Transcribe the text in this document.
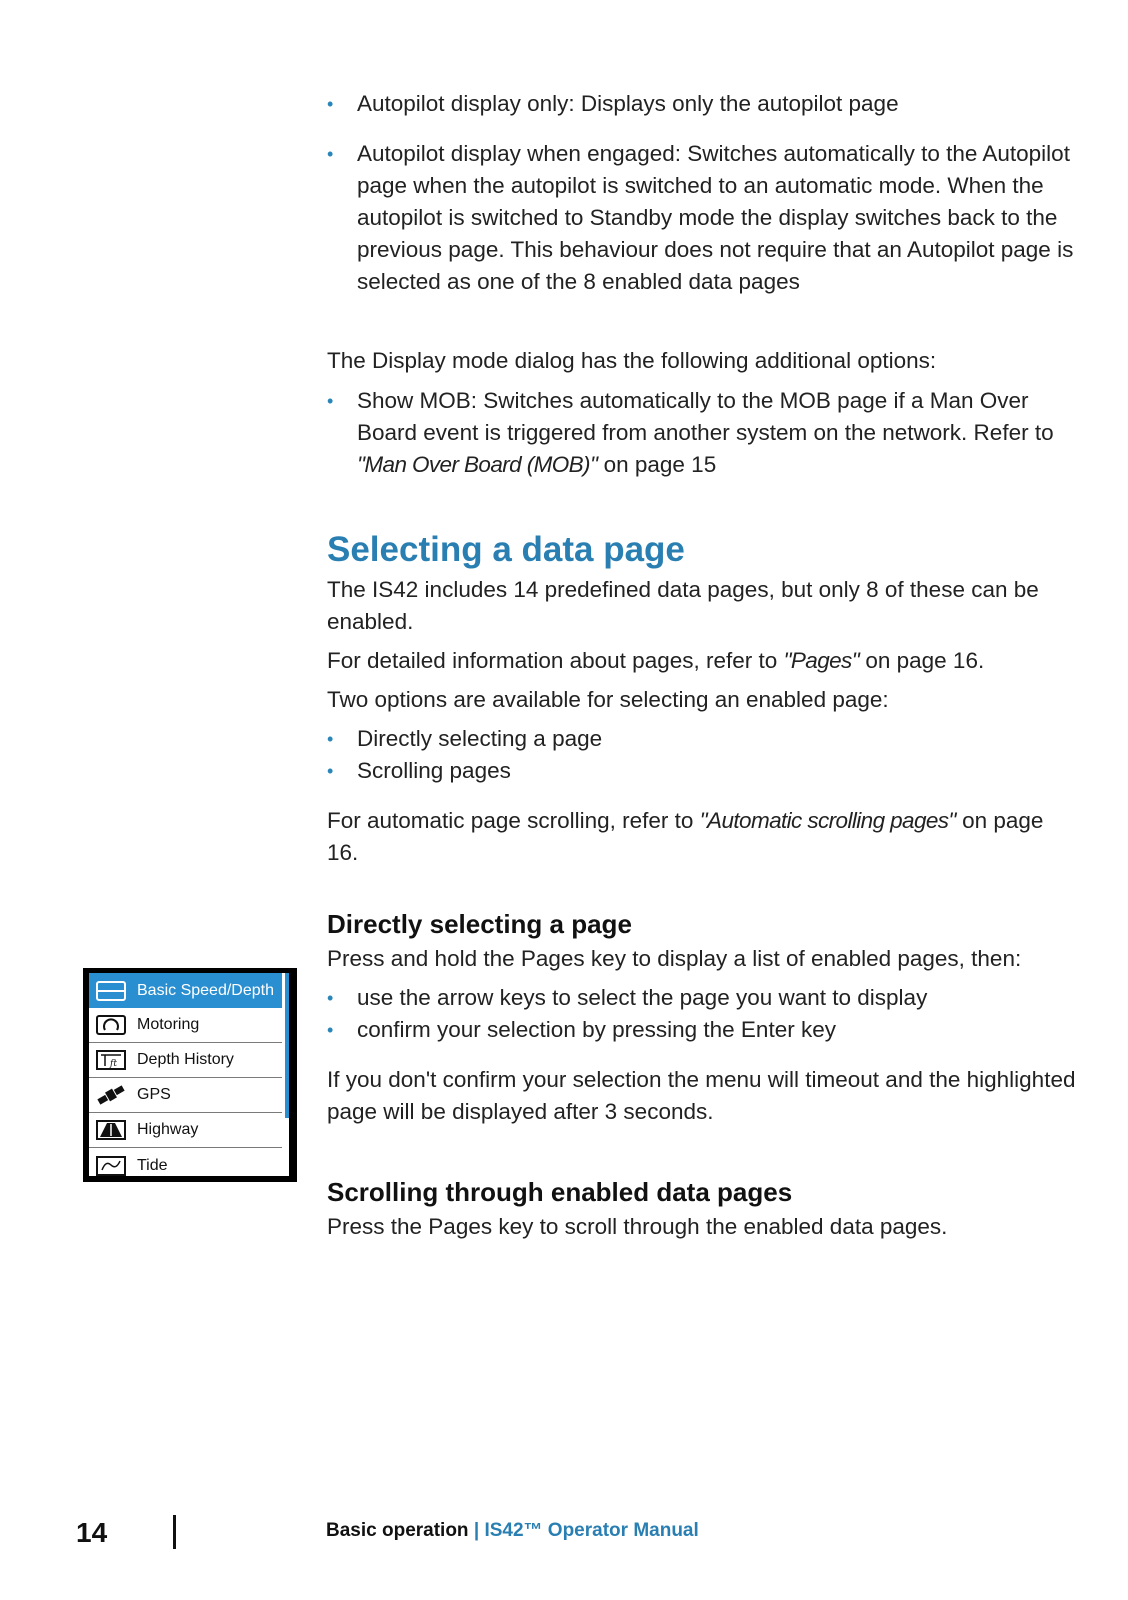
• Autopilot display only: Displays only the autopilot page
• Autopilot display when engaged: Switches automatically to the Autopilot page when the autopilot is switched to an automatic mode. When the autopilot is switched to Standby mode the display switches back to the previous page. This behaviour does not require that an Autopilot page is selected as one of the 8 enabled data pages
The Display mode dialog has the following additional options:
• Show MOB: Switches automatically to the MOB page if a Man Over Board event is triggered from another system on the network. Refer to "Man Over Board (MOB)" on page 15
Selecting a data page
The IS42 includes 14 predefined data pages, but only 8 of these can be enabled.
For detailed information about pages, refer to "Pages" on page 16.
Two options are available for selecting an enabled page:
• Directly selecting a page
• Scrolling pages
For automatic page scrolling, refer to "Automatic scrolling pages" on page 16.
Directly selecting a page
Press and hold the Pages key to display a list of enabled pages, then:
• use the arrow keys to select the page you want to display
• confirm your selection by pressing the Enter key
If you don't confirm your selection the menu will timeout and the highlighted page will be displayed after 3 seconds.
Scrolling through enabled data pages
Press the Pages key to scroll through the enabled data pages.
Basic Speed/Depth
Motoring
ft Depth History
GPS
Highway
Tide
14	Basic operation | IS42™ Operator Manual
